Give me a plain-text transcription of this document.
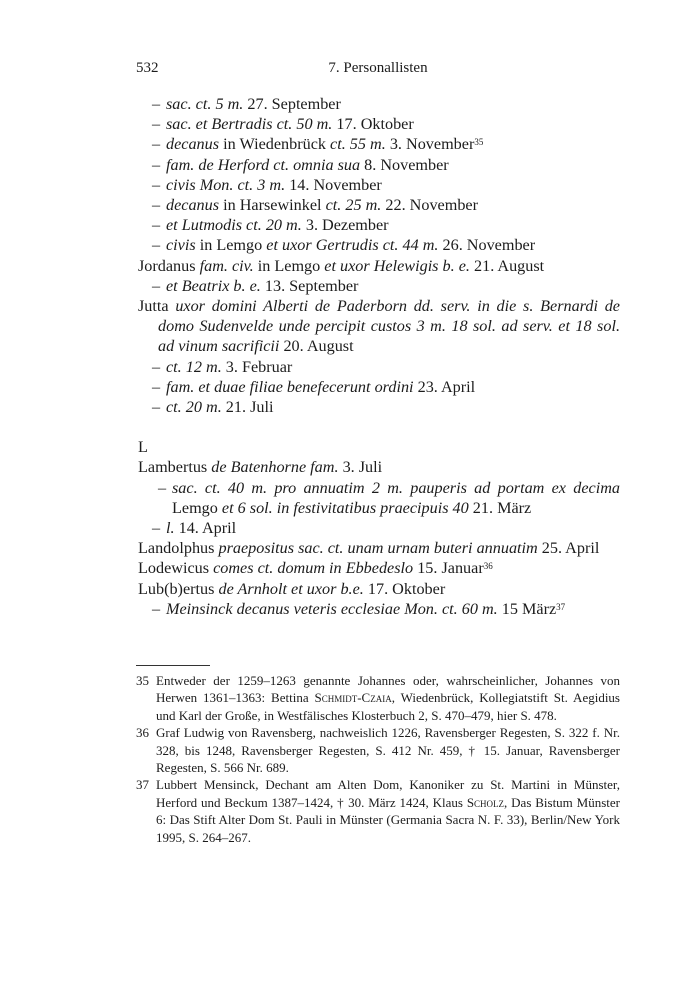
532	7. Personallisten
– sac. ct. 5 m. 27. September
– sac. et Bertradis ct. 50 m. 17. Oktober
– decanus in Wiedenbrück ct. 55 m. 3. November$^{35}$
– fam. de Herford ct. omnia sua 8. November
– civis Mon. ct. 3 m. 14. November
– decanus in Harsewinkel ct. 25 m. 22. November
– et Lutmodis ct. 20 m. 3. Dezember
– civis in Lemgo et uxor Gertrudis ct. 44 m. 26. November
Jordanus fam. civ. in Lemgo et uxor Helewigis b. e. 21. August
– et Beatrix b. e. 13. September
Jutta uxor domini Alberti de Paderborn dd. serv. in die s. Bernardi de domo Sudenvelde unde percipit custos 3 m. 18 sol. ad serv. et 18 sol. ad vinum sacrificii 20. August
– ct. 12 m. 3. Februar
– fam. et duae filiae benefecerunt ordini 23. April
– ct. 20 m. 21. Juli
L
Lambertus de Batenhorne fam. 3. Juli
– sac. ct. 40 m. pro annuatim 2 m. pauperis ad portam ex decima Lemgo et 6 sol. in festivitatibus praecipuis 40 21. März
– l. 14. April
Landolphus praepositus sac. ct. unam urnam buteri annuatim 25. April
Lodewicus comes ct. domum in Ebbedeslo 15. Januar$^{36}$
Lub(b)ertus de Arnholt et uxor b.e. 17. Oktober
– Meinsinck decanus veteris ecclesiae Mon. ct. 60 m. 15 März$^{37}$
35 Entweder der 1259–1263 genannte Johannes oder, wahrscheinlicher, Johannes von Herwen 1361–1363: Bettina Schmidt-Czaia, Wiedenbrück, Kollegiatstift St. Aegidius und Karl der Große, in Westfälisches Klosterbuch 2, S. 470–479, hier S. 478.
36 Graf Ludwig von Ravensberg, nachweislich 1226, Ravensberger Regesten, S. 322 f. Nr. 328, bis 1248, Ravensberger Regesten, S. 412 Nr. 459, † 15. Januar, Ravensberger Regesten, S. 566 Nr. 689.
37 Lubbert Mensinck, Dechant am Alten Dom, Kanoniker zu St. Martini in Münster, Herford und Beckum 1387–1424, † 30. März 1424, Klaus Scholz, Das Bistum Münster 6: Das Stift Alter Dom St. Pauli in Münster (Germania Sacra N. F. 33), Berlin/New York 1995, S. 264–267.
